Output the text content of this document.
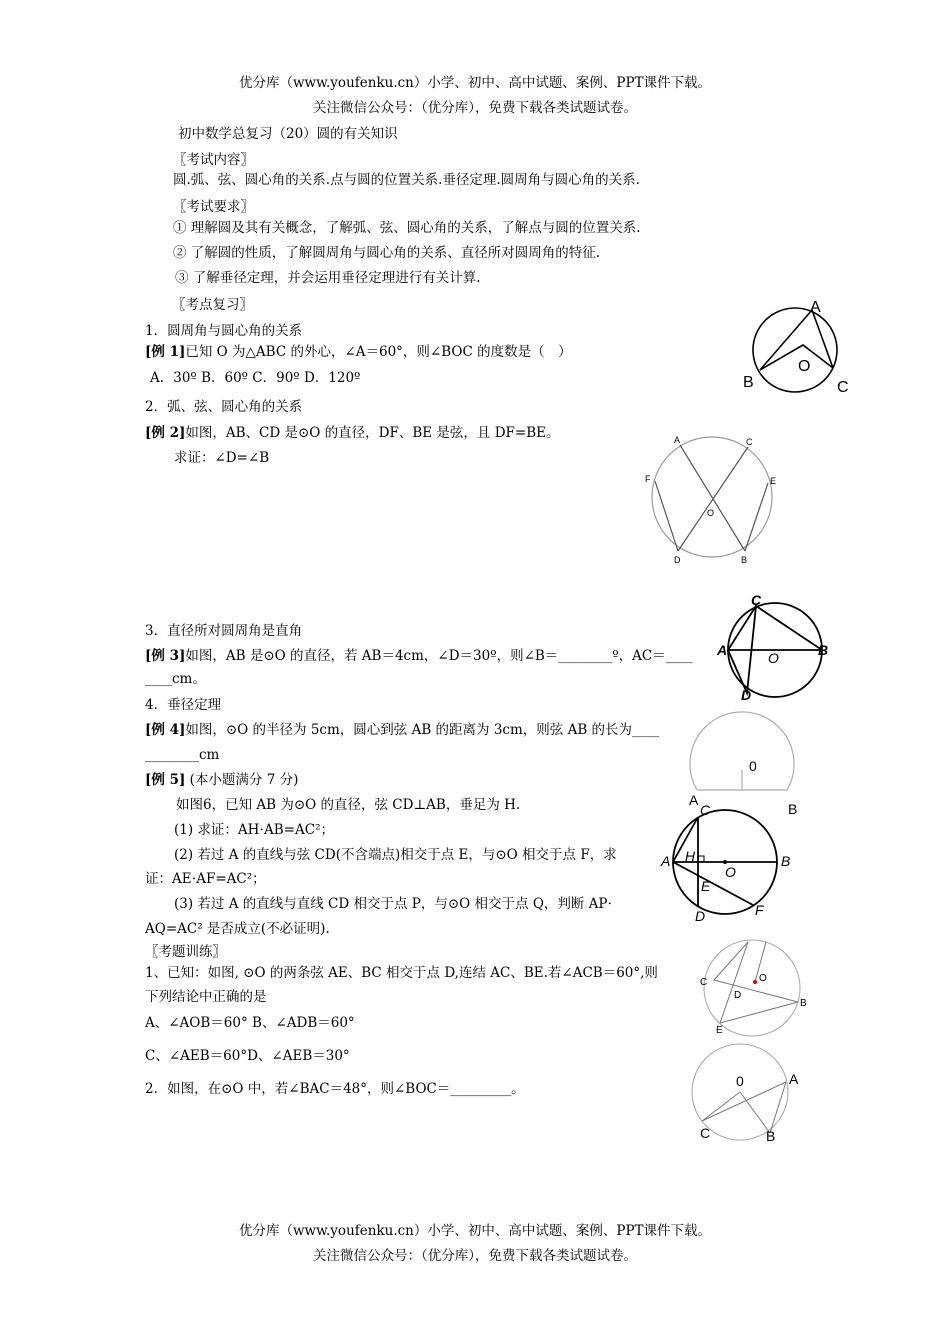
优分库（www.youfenku.cn）小学、初中、高中试题、案例、PPT课件下载。
关注微信公众号：（优分库），免费下载各类试题试卷。
初中数学总复习（20）圆的有关知识
〖考试内容〗
圆.弧、弦、圆心角的关系.点与圆的位置关系.垂径定理.圆周角与圆心角的关系.
〖考试要求〗
① 理解圆及其有关概念，了解弧、弦、圆心角的关系，了解点与圆的位置关系.
② 了解圆的性质，了解圆周角与圆心角的关系、直径所对圆周角的特征.
③ 了解垂径定理，并会运用垂径定理进行有关计算.
〖考点复习〗
1．圆周角与圆心角的关系
[例 1]已知 O 为△ABC 的外心，∠A＝60°，则∠BOC 的度数是（　）
A．30º B．60º C．90º D．120º
2．弧、弦、圆心角的关系
[例 2]如图，AB、CD 是⊙O 的直径，DF、BE 是弦，且 DF=BE。
求证：∠D=∠B
3．直径所对圆周角是直角
[例 3]如图，AB 是⊙O 的直径，若 AB＝4cm，∠D＝30º，则∠B＝________º，AC＝____
____cm。
4．垂径定理
[例 4]如图，⊙O 的半径为 5cm，圆心到弦 AB 的距离为 3cm，则弦 AB 的长为____
________cm
[例 5] (本小题满分 7 分)
如图6，已知 AB 为⊙O 的直径，弦 CD⊥AB，垂足为 H.
(1) 求证：AH⋅AB=AC²；
(2) 若过 A 的直线与弦 CD(不含端点)相交于点 E，与⊙O 相交于点 F，求
证：AE⋅AF=AC²；
(3) 若过 A 的直线与直线 CD 相交于点 P，与⊙O 相交于点 Q，判断 AP⋅
AQ=AC² 是否成立(不必证明).
〖考题训练〗
1、已知：如图, ⊙O 的两条弦 AE、BC 相交于点 D,连结 AC、BE.若∠ACB＝60°,则
下列结论中正确的是
A、∠AOB＝60° B、∠ADB＝60°
C、∠AEB＝60°D、∠AEB＝30°
2．如图，在⊙O 中，若∠BAC＝48°，则∠BOC＝_________。
优分库（www.youfenku.cn）小学、初中、高中试题、案例、PPT课件下载。
关注微信公众号：（优分库），免费下载各类试题试卷。
A
B	C
O
A	C
F	E
O
D	B
C
A	O	B
D
0
A
B
C
A H
O
B
E
D	F
C	O
D
B
E
0	A
C	B
